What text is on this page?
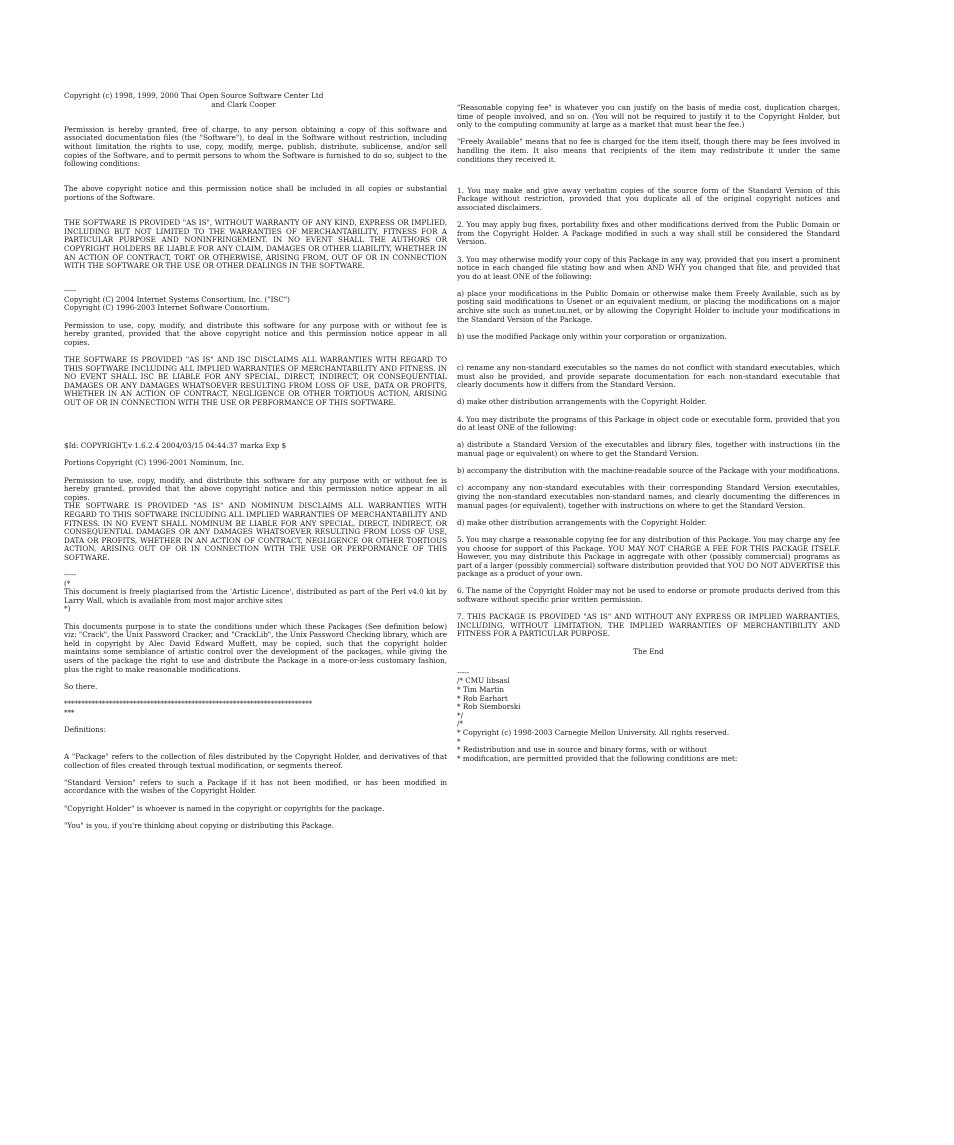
Copyright (c) 1998, 1999, 2000 Thai Open Source Software Center Ltd
and Clark Cooper
Permission is hereby granted, free of charge, to any person obtaining a copy of this software and associated documentation files (the "Software"), to deal in the Software without restriction, including without limitation the rights to use, copy, modify, merge, publish, distribute, sublicense, and/or sell copies of the Software, and to permit persons to whom the Software is furnished to do so, subject to the following conditions:
The above copyright notice and this permission notice shall be included in all copies or substantial portions of the Software.
THE SOFTWARE IS PROVIDED "AS IS", WITHOUT WARRANTY OF ANY KIND, EXPRESS OR IMPLIED, INCLUDING BUT NOT LIMITED TO THE WARRANTIES OF MERCHANTABILITY, FITNESS FOR A PARTICULAR PURPOSE AND NONINFRINGEMENT. IN NO EVENT SHALL THE AUTHORS OR COPYRIGHT HOLDERS BE LIABLE FOR ANY CLAIM, DAMAGES OR OTHER LIABILITY, WHETHER IN AN ACTION OF CONTRACT, TORT OR OTHERWISE, ARISING FROM, OUT OF OR IN CONNECTION WITH THE SOFTWARE OR THE USE OR OTHER DEALINGS IN THE SOFTWARE.
-----
Copyright (C) 2004 Internet Systems Consortium, Inc. ("ISC")
Copyright (C) 1996-2003 Internet Software Consortium.
Permission to use, copy, modify, and distribute this software for any purpose with or without fee is hereby granted, provided that the above copyright notice and this permission notice appear in all copies.
THE SOFTWARE IS PROVIDED "AS IS" AND ISC DISCLAIMS ALL WARRANTIES WITH REGARD TO THIS SOFTWARE INCLUDING ALL IMPLIED WARRANTIES OF MERCHANTABILITY AND FITNESS. IN NO EVENT SHALL ISC BE LIABLE FOR ANY SPECIAL, DIRECT, INDIRECT, OR CONSEQUENTIAL DAMAGES OR ANY DAMAGES WHATSOEVER RESULTING FROM LOSS OF USE, DATA OR PROFITS, WHETHER IN AN ACTION OF CONTRACT, NEGLIGENCE OR OTHER TORTIOUS ACTION, ARISING OUT OF OR IN CONNECTION WITH THE USE OR PERFORMANCE OF THIS SOFTWARE.
$Id: COPYRIGHT,v 1.6.2.4 2004/03/15 04:44:37 marka Exp $
Portions Copyright (C) 1996-2001 Nominum, Inc.
Permission to use, copy, modify, and distribute this software for any purpose with or without fee is hereby granted, provided that the above copyright notice and this permission notice appear in all copies.
THE SOFTWARE IS PROVIDED "AS IS" AND NOMINUM DISCLAIMS ALL WARRANTIES WITH REGARD TO THIS SOFTWARE INCLUDING ALL IMPLIED WARRANTIES OF MERCHANTABILITY AND FITNESS. IN NO EVENT SHALL NOMINUM BE LIABLE FOR ANY SPECIAL, DIRECT, INDIRECT, OR CONSEQUENTIAL DAMAGES OR ANY DAMAGES WHATSOEVER RESULTING FROM LOSS OF USE, DATA OR PROFITS, WHETHER IN AN ACTION OF CONTRACT, NEGLIGENCE OR OTHER TORTIOUS ACTION, ARISING OUT OF OR IN CONNECTION WITH THE USE OR PERFORMANCE OF THIS SOFTWARE.
-----
(*
This document is freely plagiarised from the 'Artistic Licence', distributed as part of the Perl v4.0 kit by Larry Wall, which is available from most major archive sites
*)
This documents purpose is to state the conditions under which these Packages (See definition below) viz: "Crack", the Unix Password Cracker, and "CrackLib", the Unix Password Checking library, which are held in copyright by Alec David Edward Muffett, may be copied, such that the copyright holder maintains some semblance of artistic control over the development of the packages, while giving the users of the package the right to use and distribute the Package in a more-or-less customary fashion, plus the right to make reasonable modifications.
So there.
************************************************************************
***
Definitions:
A "Package" refers to the collection of files distributed by the Copyright Holder, and derivatives of that collection of files created through textual modification, or segments thereof.
"Standard Version" refers to such a Package if it has not been modified, or has been modified in accordance with the wishes of the Copyright Holder.
"Copyright Holder" is whoever is named in the copyright or copyrights for the package.
"You" is you, if you're thinking about copying or distributing this Package.
"Reasonable copying fee" is whatever you can justify on the basis of media cost, duplication charges, time of people involved, and so on. (You will not be required to justify it to the Copyright Holder, but only to the computing community at large as a market that must bear the fee.)
"Freely Available" means that no fee is charged for the item itself, though there may be fees involved in handling the item. It also means that recipients of the item may redistribute it under the same conditions they received it.
1. You may make and give away verbatim copies of the source form of the Standard Version of this Package without restriction, provided that you duplicate all of the original copyright notices and associated disclaimers.
2. You may apply bug fixes, portability fixes and other modifications derived from the Public Domain or from the Copyright Holder. A Package modified in such a way shall still be considered the Standard Version.
3. You may otherwise modify your copy of this Package in any way, provided that you insert a prominent notice in each changed file stating how and when AND WHY you changed that file, and provided that you do at least ONE of the following:
a) place your modifications in the Public Domain or otherwise make them Freely Available, such as by posting said modifications to Usenet or an equivalent medium, or placing the modifications on a major archive site such as uunet.uu.net, or by allowing the Copyright Holder to include your modifications in the Standard Version of the Package.
b) use the modified Package only within your corporation or organization.
c) rename any non-standard executables so the names do not conflict with standard executables, which must also be provided, and provide separate documentation for each non-standard executable that clearly documents how it differs from the Standard Version.
d) make other distribution arrangements with the Copyright Holder.
4. You may distribute the programs of this Package in object code or executable form, provided that you do at least ONE of the following:
a) distribute a Standard Version of the executables and library files, together with instructions (in the manual page or equivalent) on where to get the Standard Version.
b) accompany the distribution with the machine-readable source of the Package with your modifications.
c) accompany any non-standard executables with their corresponding Standard Version executables, giving the non-standard executables non-standard names, and clearly documenting the differences in manual pages (or equivalent), together with instructions on where to get the Standard Version.
d) make other distribution arrangements with the Copyright Holder.
5. You may charge a reasonable copying fee for any distribution of this Package. You may charge any fee you choose for support of this Package. YOU MAY NOT CHARGE A FEE FOR THIS PACKAGE ITSELF. However, you may distribute this Package in aggregate with other (possibly commercial) programs as part of a larger (possibly commercial) software distribution provided that YOU DO NOT ADVERTISE this package as a product of your own.
6. The name of the Copyright Holder may not be used to endorse or promote products derived from this software without specific prior written permission.
7. THIS PACKAGE IS PROVIDED "AS IS" AND WITHOUT ANY EXPRESS OR IMPLIED WARRANTIES, INCLUDING, WITHOUT LIMITATION, THE IMPLIED WARRANTIES OF MERCHANTIBILITY AND FITNESS FOR A PARTICULAR PURPOSE.
The End
-----
/* CMU libsasl
* Tim Martin
* Rob Earhart
* Rob Siemborski
*/
/*
* Copyright (c) 1998-2003 Carnegie Mellon University. All rights reserved.
*
* Redistribution and use in source and binary forms, with or without
* modification, are permitted provided that the following conditions are met:
